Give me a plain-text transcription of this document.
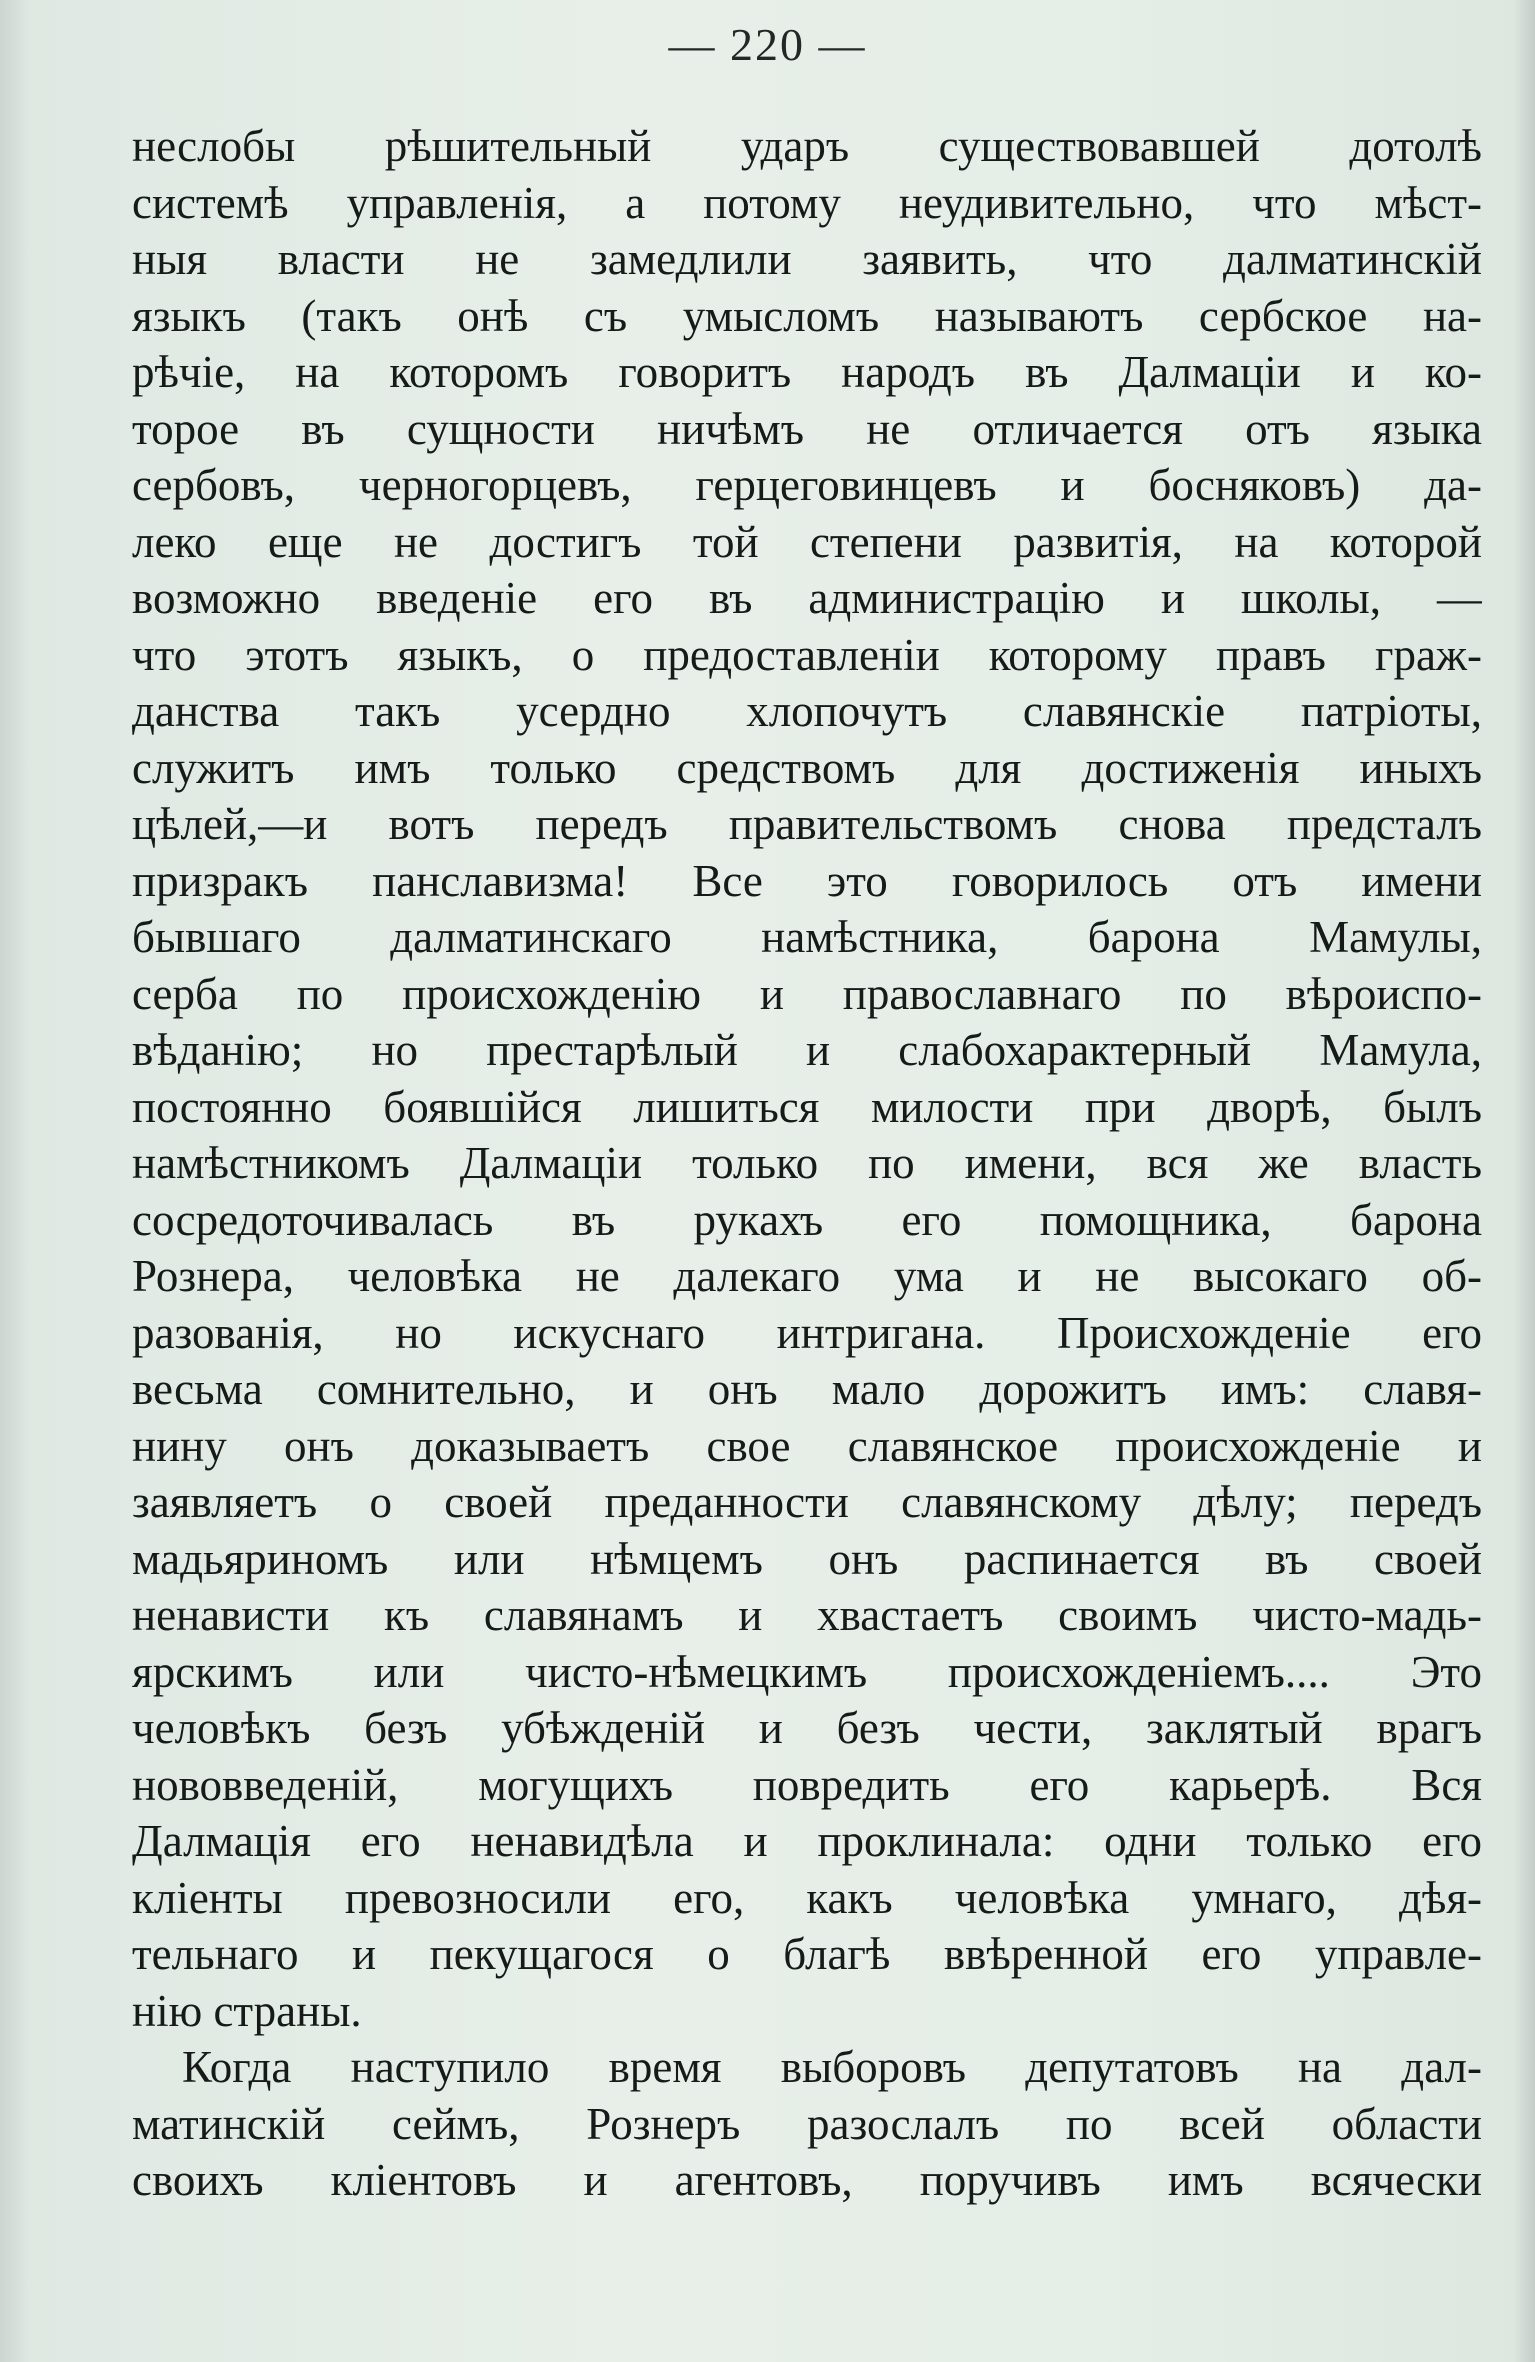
— 220 —
неслобы рѣшительный ударъ существовавшей дотолѣ
системѣ управленія, а потому неудивительно, что мѣст-
ныя власти не замедлили заявить, что далматинскій
языкъ (такъ онѣ съ умысломъ называютъ сербское на-
рѣчіе, на которомъ говоритъ народъ въ Далмаціи и ко-
торое въ сущности ничѣмъ не отличается отъ языка
сербовъ, черногорцевъ, герцеговинцевъ и босняковъ) да-
леко еще не достигъ той степени развитія, на которой
возможно введеніе его въ администрацію и школы, —
что этотъ языкъ, о предоставленіи которому правъ граж-
данства такъ усердно хлопочутъ славянскіе патріоты,
служитъ имъ только средствомъ для достиженія иныхъ
цѣлей,—и вотъ передъ правительствомъ снова предсталъ
призракъ панславизма! Все это говорилось отъ имени
бывшаго далматинскаго намѣстника, барона Мамулы,
серба по происхожденію и православнаго по вѣроиспо-
вѣданію; но престарѣлый и слабохарактерный Мамула,
постоянно боявшійся лишиться милости при дворѣ, былъ
намѣстникомъ Далмаціи только по имени, вся же власть
сосредоточивалась въ рукахъ его помощника, барона
Рознера, человѣка не далекаго ума и не высокаго об-
разованія, но искуснаго интригана. Происхожденіе его
весьма сомнительно, и онъ мало дорожитъ имъ: славя-
нину онъ доказываетъ свое славянское происхожденіе и
заявляетъ о своей преданности славянскому дѣлу; передъ
мадьяриномъ или нѣмцемъ онъ распинается въ своей
ненависти къ славянамъ и хвастаетъ своимъ чисто-мадь-
ярскимъ или чисто-нѣмецкимъ происхожденіемъ.... Это
человѣкъ безъ убѣжденій и безъ чести, заклятый врагъ
нововведеній, могущихъ повредить его карьерѣ. Вся
Далмація его ненавидѣла и проклинала: одни только его
кліенты превозносили его, какъ человѣка умнаго, дѣя-
тельнаго и пекущагося о благѣ ввѣренной его управле-
нію страны.
Когда наступило время выборовъ депутатовъ на дал-
матинскій сеймъ, Рознеръ разослалъ по всей области
своихъ кліентовъ и агентовъ, поручивъ имъ всячески
